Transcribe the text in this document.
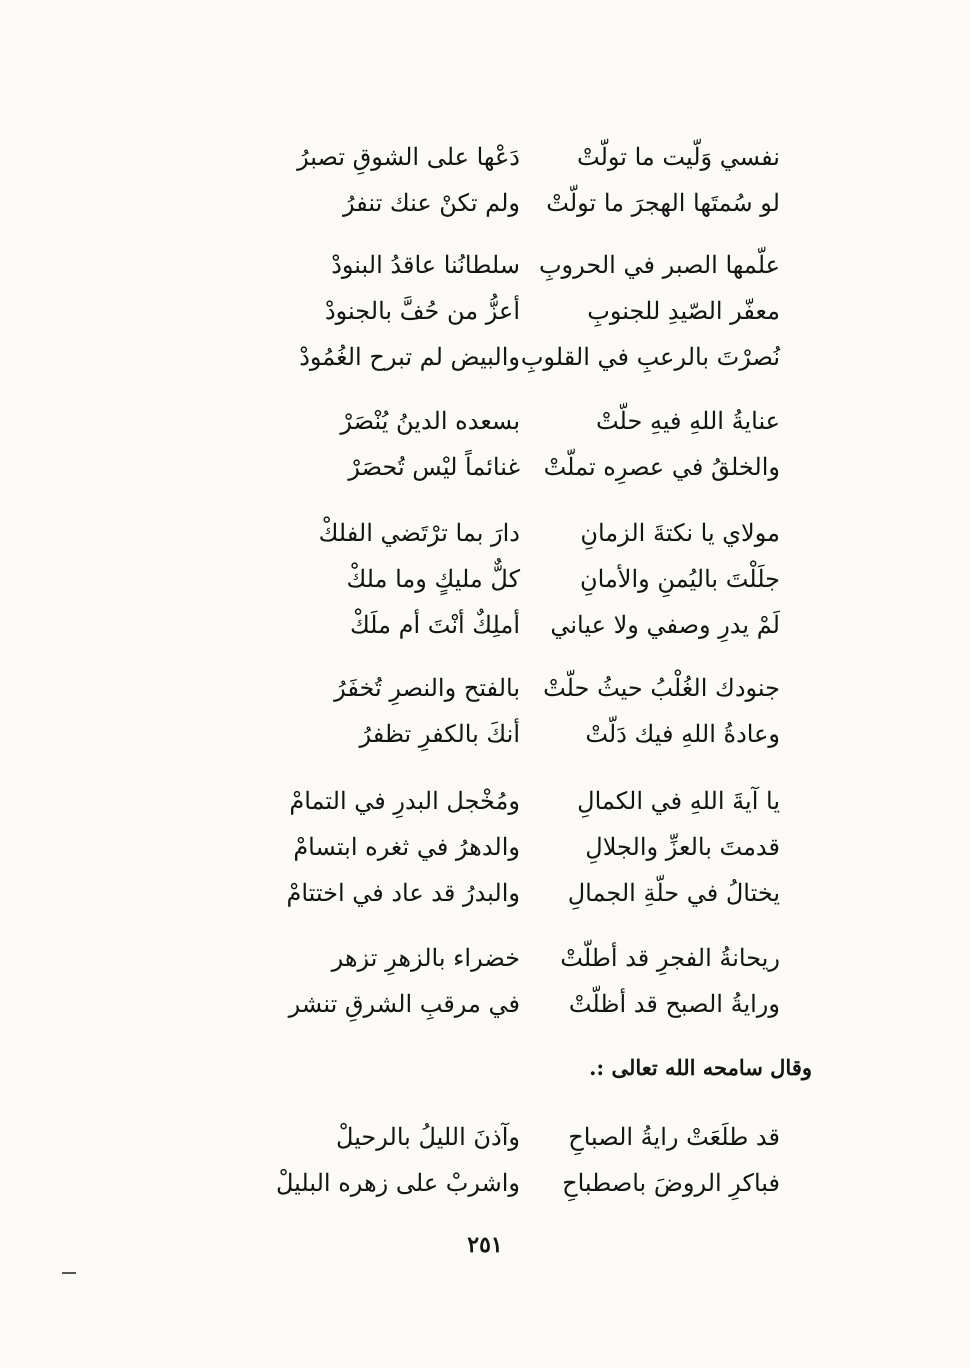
نفسي وَلّيت ما تولّتْ
دَعْها على الشوقِ تصبرُ
لو سُمتَها الهجرَ ما تولّتْ
ولم تكنْ عنك تنفرُ
علّمها الصبر في الحروبِ
سلطانُنا عاقدُ البنودْ
معفّر الصّيدِ للجنوبِ
أعزُّ من حُفَّ بالجنودْ
نُصرْتَ بالرعبِ في القلوبِ
والبيض لم تبرح الغُمُودْ
عنايةُ اللهِ فيهِ حلّتْ
بسعده الدينُ يُنْصَرْ
والخلقُ في عصرِه تملّتْ
غنائماً ليْس تُحصَرْ
مولاي يا نكتةَ الزمانِ
دارَ بما ترْتَضي الفلكْ
جلَلْتَ باليُمنِ والأمانِ
كلٌّ مليكٍ وما ملكْ
لَمْ يدرِ وصفي ولا عياني
أملِكٌ أنْتَ أم ملَكْ
جنودك الغُلْبُ حيثُ حلّتْ
بالفتح والنصرِ تُخفَرُ
وعادةُ اللهِ فيك دَلّتْ
أنكَ بالكفرِ تظفرُ
يا آيةَ اللهِ في الكمالِ
ومُخْجل البدرِ في التمامْ
قدمتَ بالعزِّ والجلالِ
والدهرُ في ثغره ابتسامْ
يختالُ في حلّةِ الجمالِ
والبدرُ قد عاد في اختتامْ
ريحانةُ الفجرِ قد أطلّتْ
خضراء بالزهرِ تزهر
ورايةُ الصبح قد أظلّتْ
في مرقبِ الشرقِ تنشر
وقال سامحه الله تعالى :.
قد طلَعَتْ رايةُ الصباحِ
وآذنَ الليلُ بالرحيلْ
فباكرِ الروضَ باصطباحِ
واشربْ على زهره البليلْ
٢٥١
